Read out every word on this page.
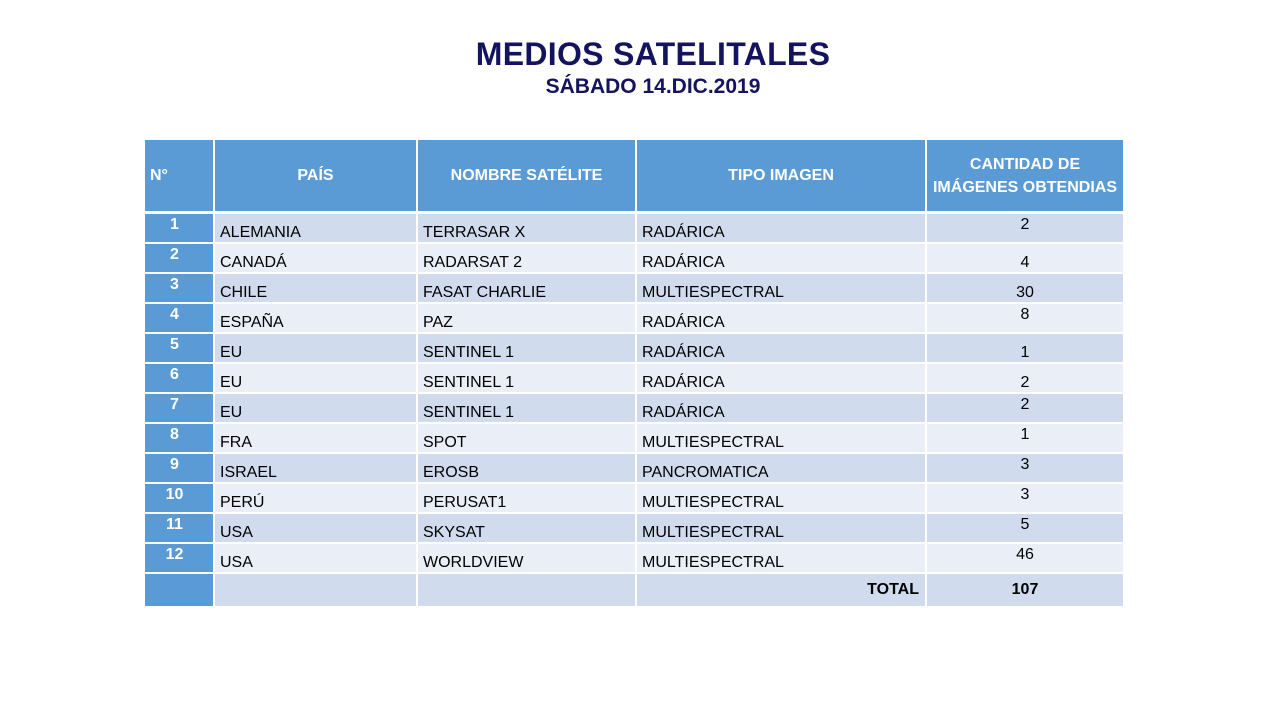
MEDIOS SATELITALES
SÁBADO 14.DIC.2019
N°	PAÍS	NOMBRE SATÉLITE	TIPO IMAGEN	CANTIDAD DE IMÁGENES OBTENDIAS
1	ALEMANIA	TERRASAR X	RADÁRICA	2
2	CANADÁ	RADARSAT 2	RADÁRICA	4
3	CHILE	FASAT CHARLIE	MULTIESPECTRAL	30
4	ESPAÑA	PAZ	RADÁRICA	8
5	EU	SENTINEL 1	RADÁRICA	1
6	EU	SENTINEL 1	RADÁRICA	2
7	EU	SENTINEL 1	RADÁRICA	2
8	FRA	SPOT	MULTIESPECTRAL	1
9	ISRAEL	EROSB	PANCROMATICA	3
10	PERÚ	PERUSAT1	MULTIESPECTRAL	3
11	USA	SKYSAT	MULTIESPECTRAL	5
12	USA	WORLDVIEW	MULTIESPECTRAL	46
			TOTAL	107
